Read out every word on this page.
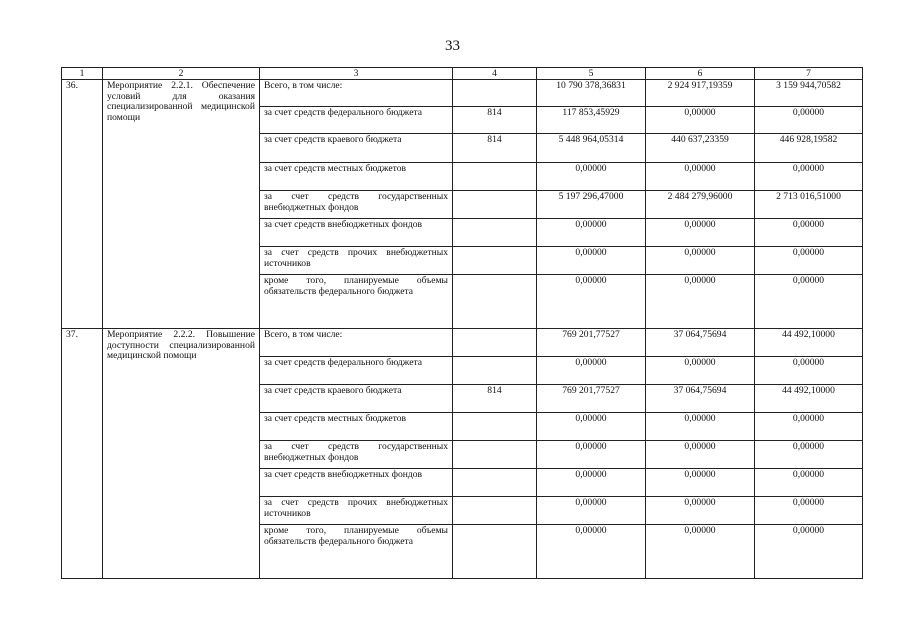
33
1	2	3	4	5	6	7
36.	Мероприятие 2.2.1. Обеспечение условий для оказания специализированной медицинской помощи	Всего, в том числе:		10 790 378,36831	2 924 917,19359	3 159 944,70582
		за счет средств федерального бюджета	814	117 853,45929	0,00000	0,00000
		за счет средств краевого бюджета	814	5 448 964,05314	440 637,23359	446 928,19582
		за счет средств местных бюджетов		0,00000	0,00000	0,00000
		за счет средств государственных внебюджетных фондов		5 197 296,47000	2 484 279,96000	2 713 016,51000
		за счет средств внебюджетных фондов		0,00000	0,00000	0,00000
		за счет средств прочих внебюджетных источников		0,00000	0,00000	0,00000
		кроме того, планируемые объемы обязательств федерального бюджета		0,00000	0,00000	0,00000
37.	Мероприятие 2.2.2. Повышение доступности специализированной медицинской помощи	Всего, в том числе:		769 201,77527	37 064,75694	44 492,10000
		за счет средств федерального бюджета		0,00000	0,00000	0,00000
		за счет средств краевого бюджета	814	769 201,77527	37 064,75694	44 492,10000
		за счет средств местных бюджетов		0,00000	0,00000	0,00000
		за счет средств государственных внебюджетных фондов		0,00000	0,00000	0,00000
		за счет средств внебюджетных фондов		0,00000	0,00000	0,00000
		за счет средств прочих внебюджетных источников		0,00000	0,00000	0,00000
		кроме того, планируемые объемы обязательств федерального бюджета		0,00000	0,00000	0,00000
